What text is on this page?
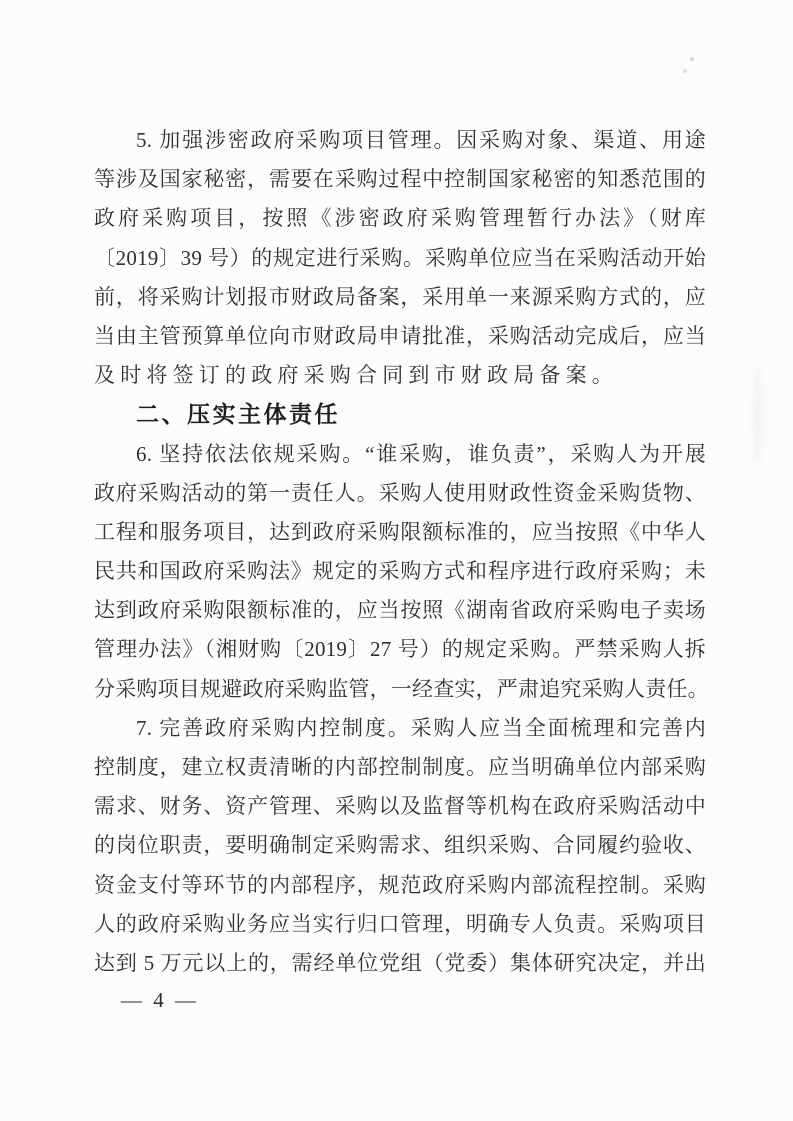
5. 加强涉密政府采购项目管理。因采购对象、渠道、用途
等涉及国家秘密，需要在采购过程中控制国家秘密的知悉范围的
政府采购项目，按照《涉密政府采购管理暂行办法》（财库
〔2019〕39 号）的规定进行采购。采购单位应当在采购活动开始
前，将采购计划报市财政局备案，采用单一来源采购方式的，应
当由主管预算单位向市财政局申请批准，采购活动完成后，应当
及时将签订的政府采购合同到市财政局备案。
二、压实主体责任
6. 坚持依法依规采购。“谁采购，谁负责”，采购人为开展
政府采购活动的第一责任人。采购人使用财政性资金采购货物、
工程和服务项目，达到政府采购限额标准的，应当按照《中华人
民共和国政府采购法》规定的采购方式和程序进行政府采购；未
达到政府采购限额标准的，应当按照《湖南省政府采购电子卖场
管理办法》（湘财购〔2019〕27 号）的规定采购。严禁采购人拆
分采购项目规避政府采购监管，一经查实，严肃追究采购人责任。
7. 完善政府采购内控制度。采购人应当全面梳理和完善内
控制度，建立权责清晰的内部控制制度。应当明确单位内部采购
需求、财务、资产管理、采购以及监督等机构在政府采购活动中
的岗位职责，要明确制定采购需求、组织采购、合同履约验收、
资金支付等环节的内部程序，规范政府采购内部流程控制。采购
人的政府采购业务应当实行归口管理，明确专人负责。采购项目
达到 5 万元以上的，需经单位党组（党委）集体研究决定，并出
— 4 —
